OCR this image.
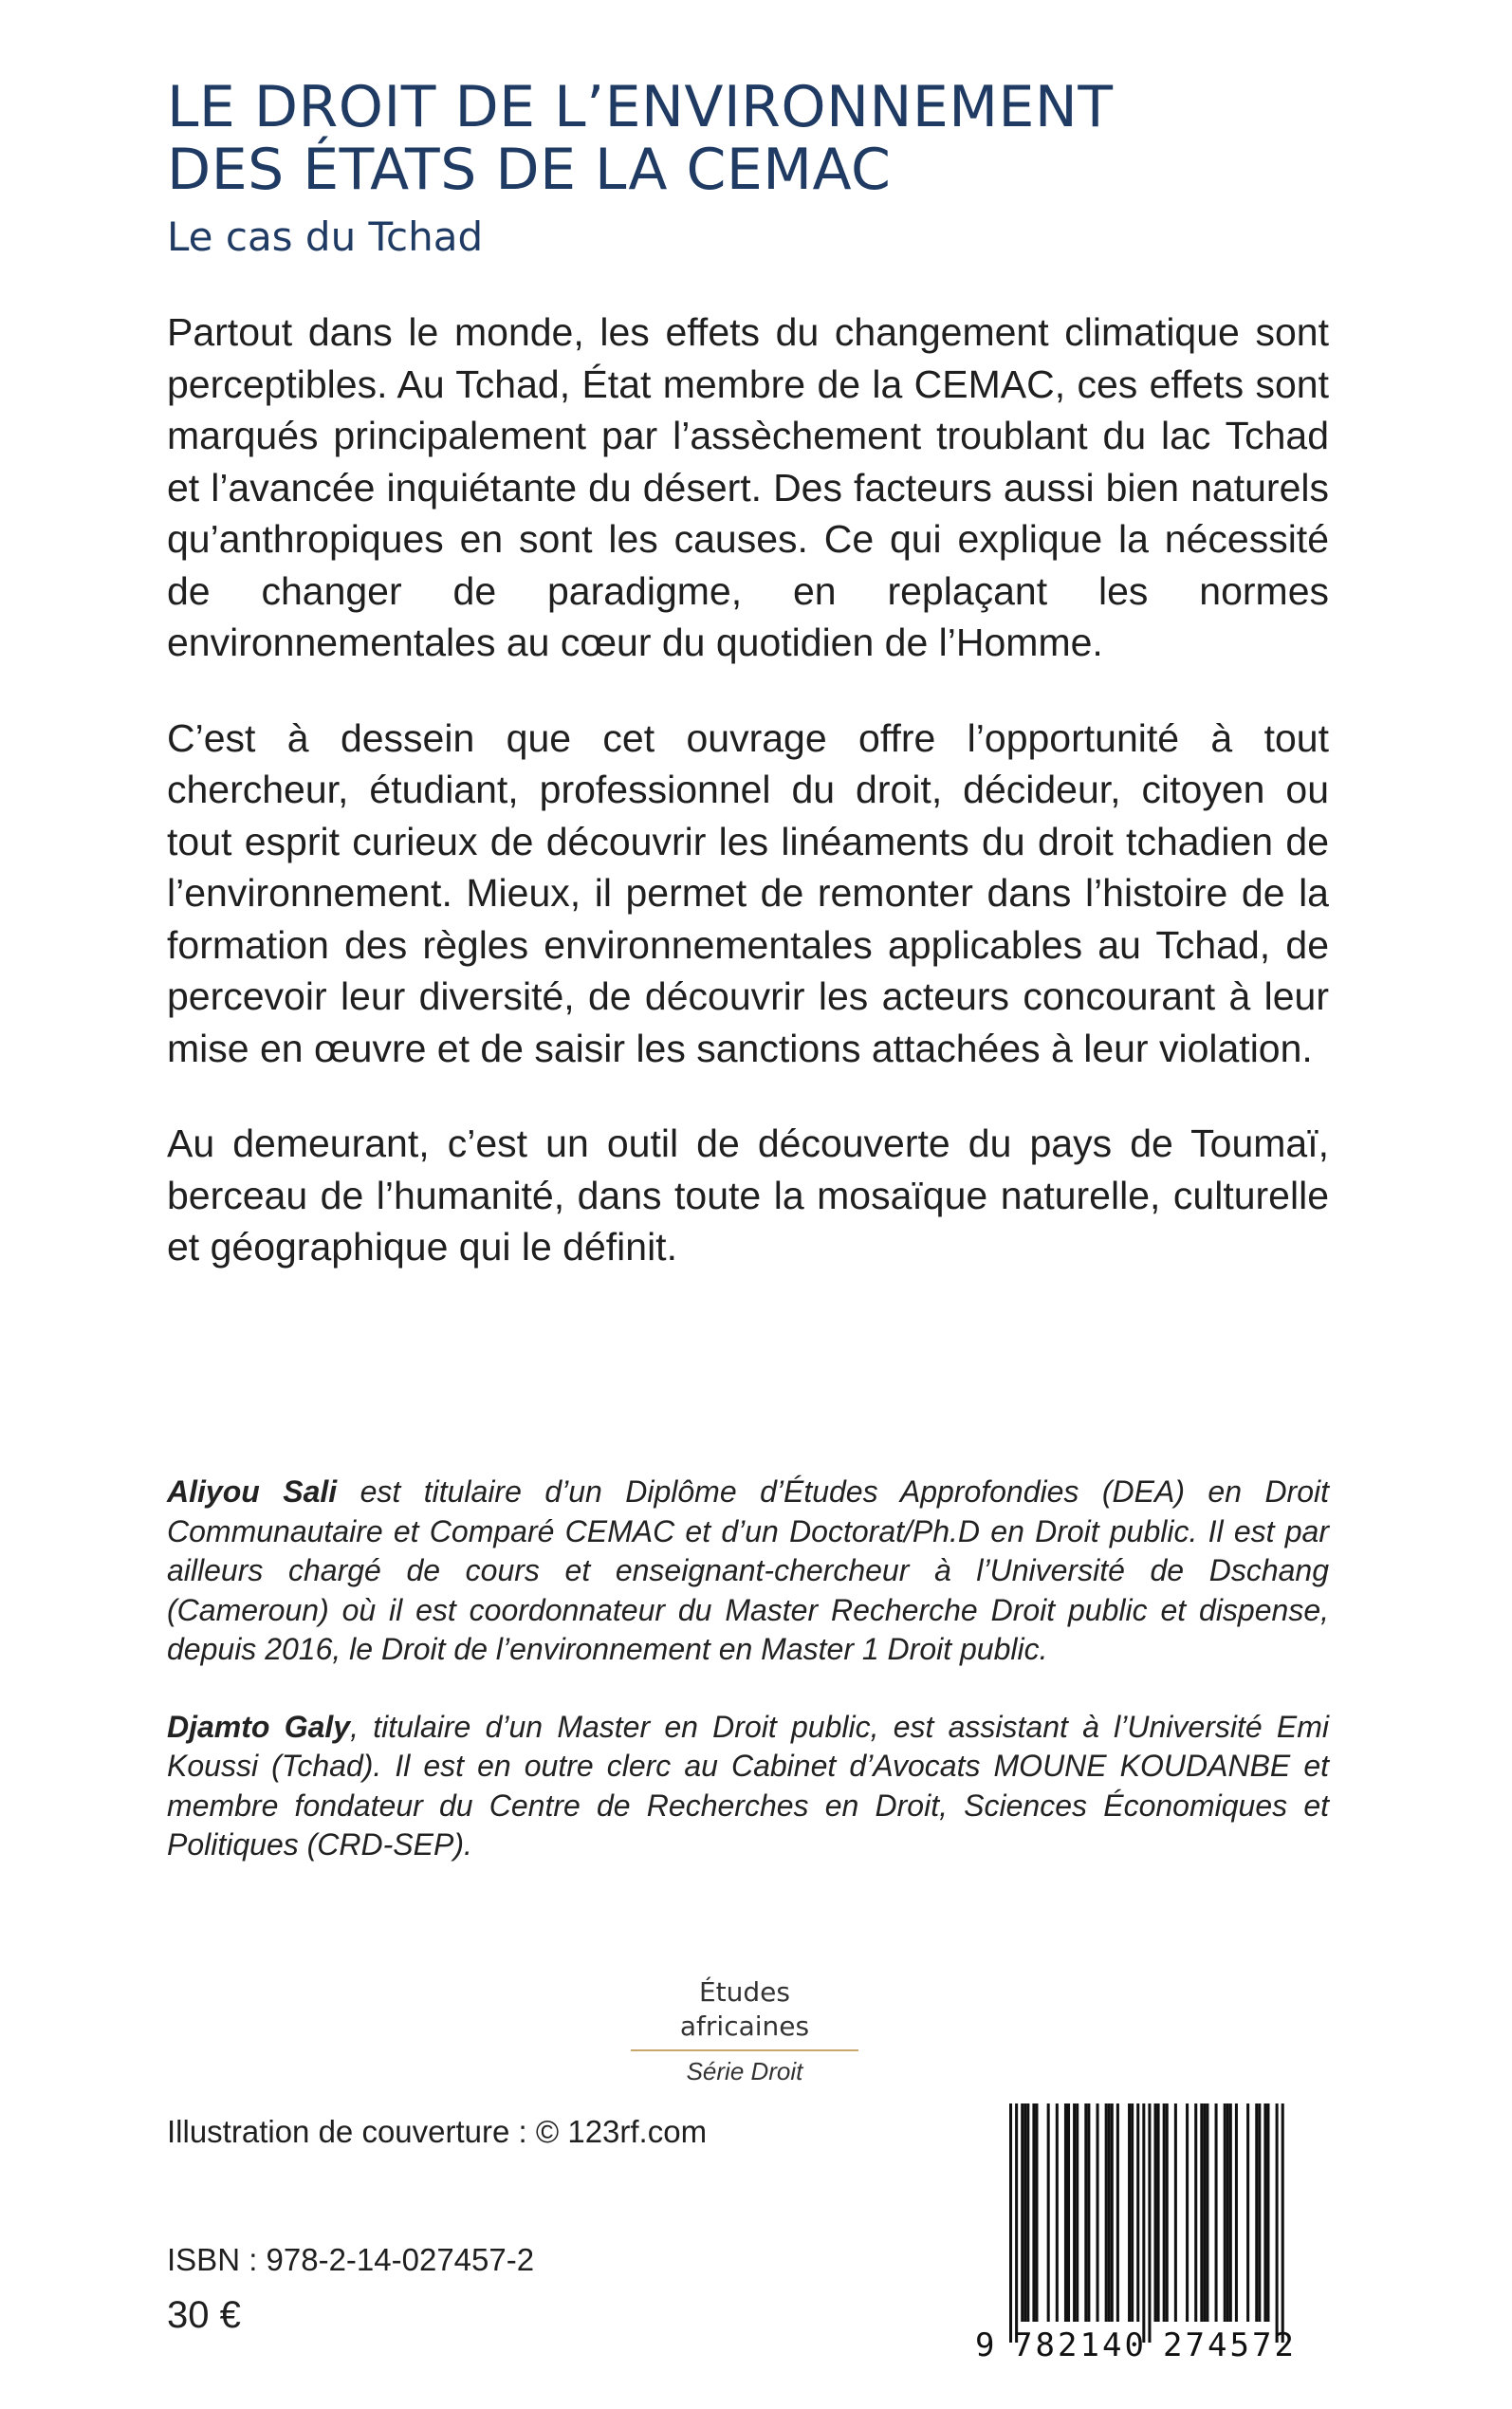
LE DROIT DE L’ENVIRONNEMENT
DES ÉTATS DE LA CEMAC
Le cas du Tchad

Partout dans le monde, les effets du changement climatique sont perceptibles. Au Tchad, État membre de la CEMAC, ces effets sont marqués principalement par l’assèchement troublant du lac Tchad et l’avancée inquiétante du désert. Des facteurs aussi bien naturels qu’anthropiques en sont les causes. Ce qui explique la nécessité de changer de paradigme, en replaçant les normes environnementales au cœur du quotidien de l’Homme.

C’est à dessein que cet ouvrage offre l’opportunité à tout chercheur, étudiant, professionnel du droit, décideur, citoyen ou tout esprit curieux de découvrir les linéaments du droit tchadien de l’environnement. Mieux, il permet de remonter dans l’histoire de la formation des règles environnementales applicables au Tchad, de percevoir leur diversité, de découvrir les acteurs concourant à leur mise en œuvre et de saisir les sanctions attachées à leur violation.

Au demeurant, c’est un outil de découverte du pays de Toumaï, berceau de l’humanité, dans toute la mosaïque naturelle, culturelle et géographique qui le définit.

Aliyou Sali est titulaire d’un Diplôme d’Études Approfondies (DEA) en Droit Communautaire et Comparé CEMAC et d’un Doctorat/Ph.D en Droit public. Il est par ailleurs chargé de cours et enseignant-chercheur à l’Université de Dschang (Cameroun) où il est coordonnateur du Master Recherche Droit public et dispense, depuis 2016, le Droit de l’environnement en Master 1 Droit public.

Djamto Galy, titulaire d’un Master en Droit public, est assistant à l’Université Emi Koussi (Tchad). Il est en outre clerc au Cabinet d’Avocats MOUNE KOUDANBE et membre fondateur du Centre de Recherches en Droit, Sciences Économiques et Politiques (CRD-SEP).

Études africaines
Série Droit
Illustration de couverture : © 123rf.com
ISBN : 978-2-14-027457-2
30 €
9 782140 274572
